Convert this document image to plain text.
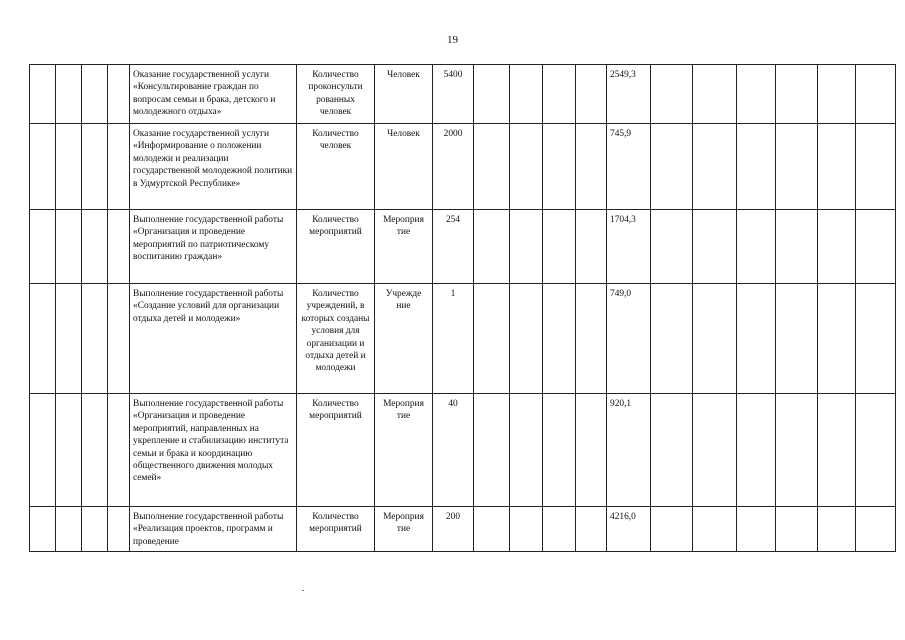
19
				Оказание государственной услуги «Консультирование граждан по вопросам семьи и брака, детского и молодежного отдыха»	Количество проконсульти рованных человек	Человек	5400					2549,3						
				Оказание государственной услуги «Информирование о положении молодежи и реализации государственной молодежной политики в Удмуртской Республике»	Количество человек	Человек	2000					745,9						
				Выполнение государственной работы «Организация и проведение мероприятий по патриотическому воспитанию граждан»	Количество мероприятий	Мероприя тие	254					1704,3						
				Выполнение государственной работы «Создание условий для организации отдыха детей и молодежи»	Количество учреждений, в которых созданы условия для организации и отдыха детей и молодежи	Учрежде ние	1					749,0						
				Выполнение государственной работы «Организация и проведение мероприятий, направленных на укрепление и стабилизацию института семьи и брака и координацию общественного движения молодых семей»	Количество мероприятий	Мероприя тие	40					920,1						
				Выполнение государственной работы «Реализация проектов, программ и проведение	Количество мероприятий	Мероприя тие	200					4216,0						
